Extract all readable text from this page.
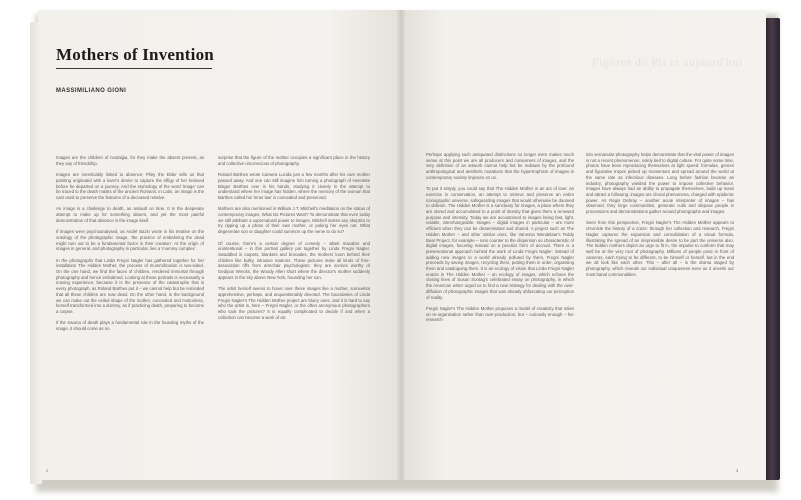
Mothers of Invention
MASSIMILIANO GIONI
Figures du Pli et aujourd'hui

Images are the children of nostalgia, for they make the absent present, as they say of friendship.

Images are inextricably linked to absence; Pliny the Elder tells us that painting originated with a lover's desire to capture the effigy of her beloved before he departed on a journey. And the etymology of the word 'image' can be traced to the death masks of the ancient Romans: in Latin, an imago is the cast used to preserve the features of a deceased relative.

An image is a challenge to death, an assault on time. It is the desperate attempt to make up for something absent, and yet the most painful demonstration of that absence is the image itself.

If images were psychoanalysed, as André Bazin wrote in his treatise on the ontology of the photographic image, 'the practice of embalming the dead might turn out to be a fundamental factor in their creation'. At the origin of images in general, and photography in particular, lies a 'mummy complex'.

In the photographs that Linda Fregni Nagler has gathered together for her installation The Hidden Mother, the process of mummification is two-sided. On the one hand, we find the faces of children, rendered immortal through photography and hence embalmed. Looking at these portraits is necessarily a moving experience, because it is the presence of the catastrophe that is every photograph, as Roland Barthes put it – we cannot help but be reminded that all these children are now dead. On the other hand, in the background we can make out the veiled shape of the mother, concealed and motionless, herself transformed into a dummy, as if practicing death, preparing to become a corpse.

If the trauma of death plays a fundamental role in the founding myths of the image, it should come as no

surprise that the figure of the mother occupies a significant place in the history and collective unconscious of photography.

Roland Barthes wrote Camera Lucida just a few months after his own mother passed away. And one can still imagine him turning a photograph of Henriette Binger Barthes over in his hands, studying it closely in the attempt to understand where her image has hidden, where the memory of the woman that Barthes called his 'inner law' is concealed and preserved.

Mothers are also mentioned in William J.T. Mitchell's meditation on the status of contemporary images, What Do Pictures Want? To demonstrate that even today we still attribute a supernatural power to images, Mitchell invites any skeptics to try ripping up a photo of their own mother, or poking her eyes out. What degenerate son or daughter could summon up the nerve to do so?

Of course, there's a certain degree of comedy – albeit macabre and unintentional – in this portrait gallery put together by Linda Fregni Nagler. Swaddled in carpets, blankets and brocades, the mothers loom behind their children like bulky, intrusive matrons. These pictures invite all kinds of free-association riffs from armchair psychologists: they are scenes worthy of Oedipus Wrecks, the Woody Allen short where the director's mother suddenly appears in the sky above New York, hounding her son.

The artist herself seems to hover over these images like a mother, somewhat apprehensive, perhaps, and unquestionably devoted. The boundaries of Linda Fregni Nagler's The Hidden Mother project are blurry ones, and it is hard to say who the artist is, here – Fregni Nagler, or the often anonymous photographers who took the pictures? It is equally complicated to decide if and when a collection can become a work of art.

Perhaps applying such antiquated distinctions no longer even makes much sense at this point we are all producers and consumers of images, and the very definition of an artwork cannot help but be redrawn by the profound anthropological and aesthetic mutations that the hypertrophism of images in contemporary society imposes on us.

To put it simply, you could say that The Hidden Mother is an act of love: an exercise in conservation, an attempt to retrieve and preserve an entire iconographic universe, safeguarding images that would otherwise be doomed to oblivion. The Hidden Mother is a sanctuary for images, a place where they are stored and accumulated to a point of density that gives them a renewed purpose and intensity. Today we are accustomed to images being fast, light, volatile, interchangeable. Images – digital images in particular – are more efficient when they can be disseminated and shared. A project such as The Hidden Mother – and other similar ones, like Vanessa Wendelaar's Teddy Bear Project, for example – runs counter to the dispersion so characteristic of digital images, focusing instead on a peculiar form of accrual. There is a preservational approach behind the work of Linda Fregni Nagler: instead of adding new images to a world already polluted by them, Fregni Nagler proceeds by saving images, recycling them, putting them in order, organising them and cataloguing them. It is an ecology of vision that Linda Fregni Nagler enacts in The Hidden Mother – an ecology of images, which echoes the closing lines of Susan Sontag's celebrated essay on photography, in which the American writer urged us to find a new strategy for dealing with the over-diffusion of photographic images that was already obfuscating our perception of reality.

Fregni Nagler's The Hidden Mother proposes a model of creativity that relies on re-organisation rather than over-production, but – curiously enough – her research

into vernacular photography helps demonstrate that the vital power of images is not a recent phenomenon, solely tied to digital culture. For quite some time, photos have been reproducing themselves at light speed: formulae, genres and figurative tropes picked up momentum and spread around the world at the same rate as infectious diseases. Long before fashion became an industry, photography wielded the power to impose collective behavior. Images have always had an ability to propagate themselves, build up mass and attract a following: images are choral phenomena, charged with epidemic power. As Régis Debray – another acute interpreter of images – has observed, they forge communities, generate cults and dispose people in processions and demonstrations gather around photographs and images.

Seen from this perspective, Fregni Nagler's The Hidden Mother appears to chronicle the history of a craze: through her collection and research, Fregni Nagler captures the expansion and consolidation of a visual formula, illustrating the spread of an irrepressible desire to be part the universe also. The hidden mothers depict an urge to fit in, the impulse to conform that may well be at the very root of photography. Millions of people pose in front of cameras, each trying to be different, to be himself or herself, but in the end we all look like each other. This – after all – is the drama staged by photography, which reveals our individual uniqueness even as it unveils our most banal commonalities.

2	3
